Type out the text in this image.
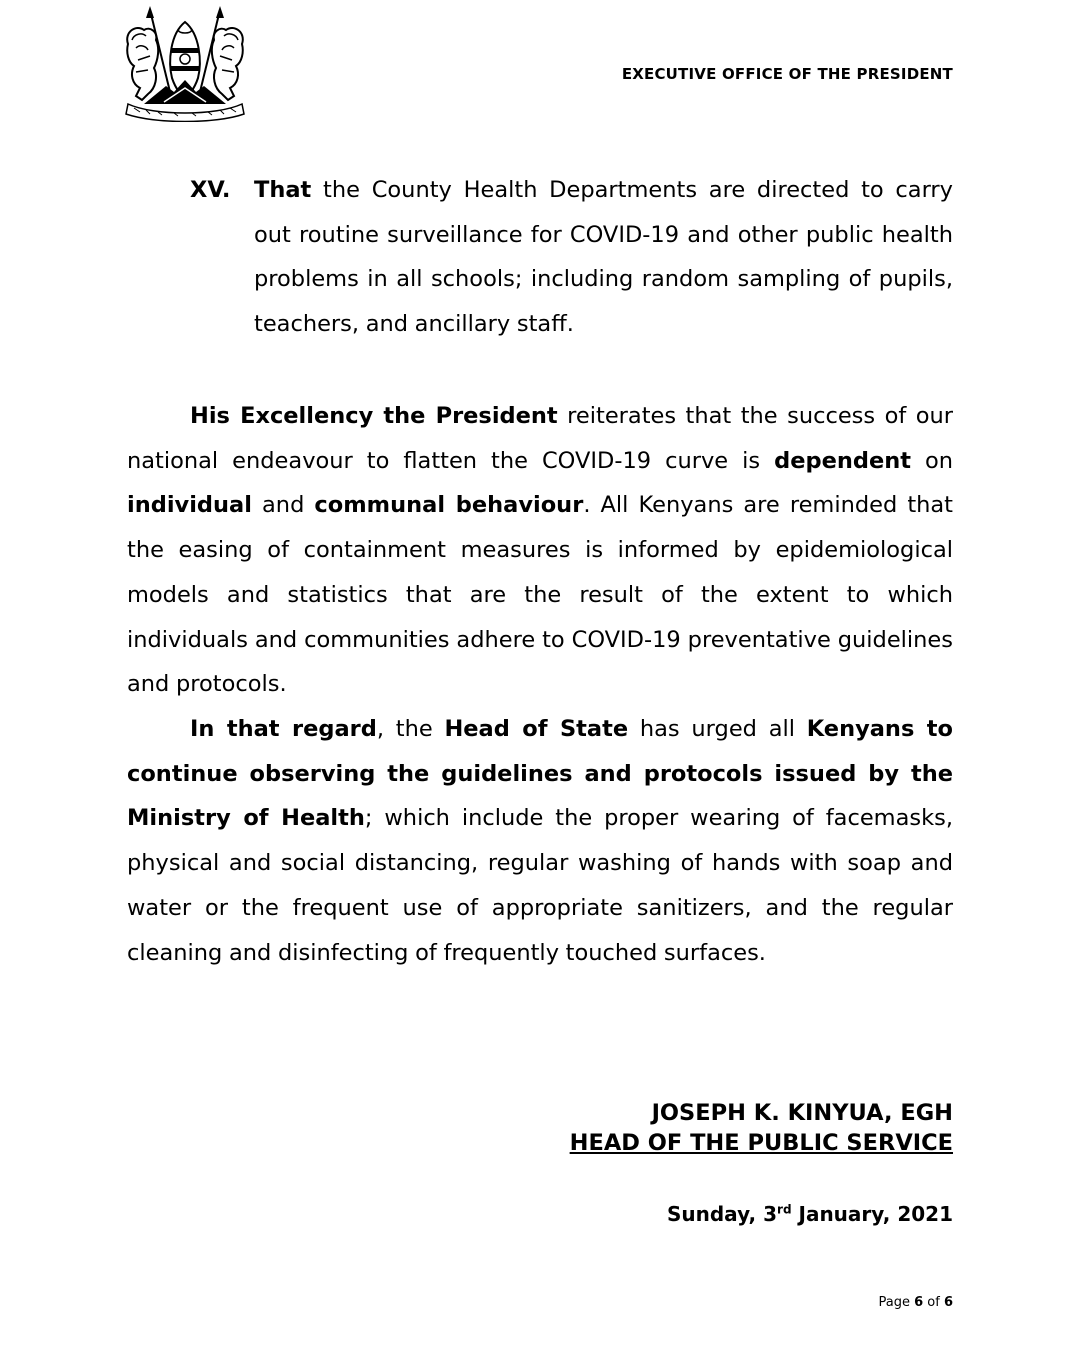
EXECUTIVE OFFICE OF THE PRESIDENT
XV.	That the County Health Departments are directed to carry out routine surveillance for COVID-19 and other public health problems in all schools; including random sampling of pupils, teachers, and ancillary staff.
His Excellency the President reiterates that the success of our national endeavour to flatten the COVID-19 curve is dependent on individual and communal behaviour. All Kenyans are reminded that the easing of containment measures is informed by epidemiological models and statistics that are the result of the extent to which individuals and communities adhere to COVID-19 preventative guidelines and protocols.
In that regard, the Head of State has urged all Kenyans to continue observing the guidelines and protocols issued by the Ministry of Health; which include the proper wearing of facemasks, physical and social distancing, regular washing of hands with soap and water or the frequent use of appropriate sanitizers, and the regular cleaning and disinfecting of frequently touched surfaces.
JOSEPH K. KINYUA, EGH
HEAD OF THE PUBLIC SERVICE
Sunday, 3rd January, 2021
Page 6 of 6
